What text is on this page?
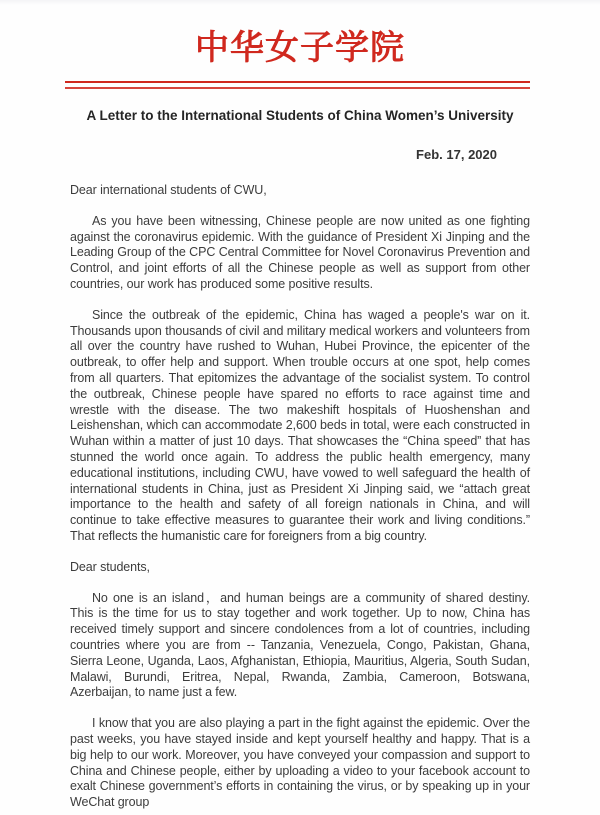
中华女子学院
A Letter to the International Students of China Women’s University
Feb. 17, 2020

Dear international students of CWU,

As you have been witnessing, Chinese people are now united as one fighting against the coronavirus epidemic. With the guidance of President Xi Jinping and the Leading Group of the CPC Central Committee for Novel Coronavirus Prevention and Control, and joint efforts of all the Chinese people as well as support from other countries, our work has produced some positive results.

Since the outbreak of the epidemic, China has waged a people's war on it. Thousands upon thousands of civil and military medical workers and volunteers from all over the country have rushed to Wuhan, Hubei Province, the epicenter of the outbreak, to offer help and support. When trouble occurs at one spot, help comes from all quarters. That epitomizes the advantage of the socialist system. To control the outbreak, Chinese people have spared no efforts to race against time and wrestle with the disease. The two makeshift hospitals of Huoshenshan and Leishenshan, which can accommodate 2,600 beds in total, were each constructed in Wuhan within a matter of just 10 days. That showcases the “China speed” that has stunned the world once again. To address the public health emergency, many educational institutions, including CWU, have vowed to well safeguard the health of international students in China, just as President Xi Jinping said, we “attach great importance to the health and safety of all foreign nationals in China, and will continue to take effective measures to guarantee their work and living conditions.” That reflects the humanistic care for foreigners from a big country.

Dear students,

No one is an island，and human beings are a community of shared destiny. This is the time for us to stay together and work together. Up to now, China has received timely support and sincere condolences from a lot of countries, including countries where you are from -- Tanzania, Venezuela, Congo, Pakistan, Ghana, Sierra Leone, Uganda, Laos, Afghanistan, Ethiopia, Mauritius, Algeria, South Sudan, Malawi, Burundi, Eritrea, Nepal, Rwanda, Zambia, Cameroon, Botswana, Azerbaijan, to name just a few.

I know that you are also playing a part in the fight against the epidemic. Over the past weeks, you have stayed inside and kept yourself healthy and happy. That is a big help to our work. Moreover, you have conveyed your compassion and support to China and Chinese people, either by uploading a video to your facebook account to exalt Chinese government’s efforts in containing the virus, or by speaking up in your WeChat group
